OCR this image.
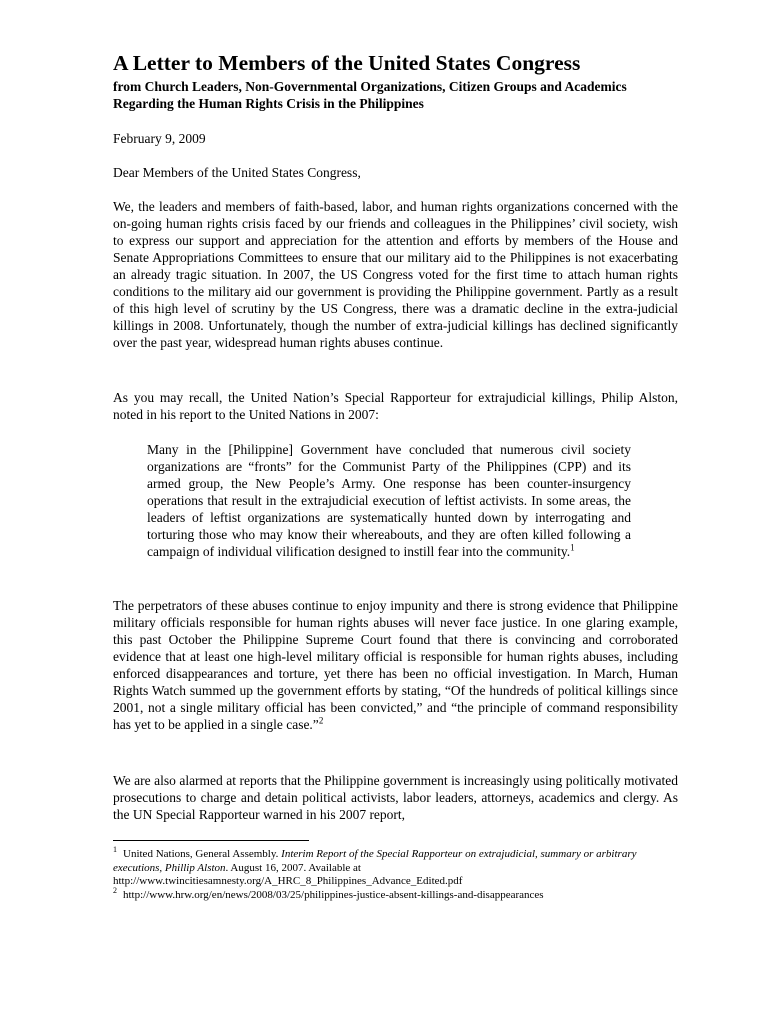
A Letter to Members of the United States Congress
from Church Leaders, Non-Governmental Organizations, Citizen Groups and Academics Regarding the Human Rights Crisis in the Philippines
February 9, 2009
Dear Members of the United States Congress,

We, the leaders and members of faith-based, labor, and human rights organizations concerned with the on-going human rights crisis faced by our friends and colleagues in the Philippines’ civil society, wish to express our support and appreciation for the attention and efforts by members of the House and Senate Appropriations Committees to ensure that our military aid to the Philippines is not exacerbating an already tragic situation. In 2007, the US Congress voted for the first time to attach human rights conditions to the military aid our government is providing the Philippine government. Partly as a result of this high level of scrutiny by the US Congress, there was a dramatic decline in the extra-judicial killings in 2008. Unfortunately, though the number of extra-judicial killings has declined significantly over the past year, widespread human rights abuses continue.

As you may recall, the United Nation’s Special Rapporteur for extrajudicial killings, Philip Alston, noted in his report to the United Nations in 2007:

Many in the [Philippine] Government have concluded that numerous civil society organizations are “fronts” for the Communist Party of the Philippines (CPP) and its armed group, the New People’s Army. One response has been counter-insurgency operations that result in the extrajudicial execution of leftist activists. In some areas, the leaders of leftist organizations are systematically hunted down by interrogating and torturing those who may know their whereabouts, and they are often killed following a campaign of individual vilification designed to instill fear into the community.$^1$

The perpetrators of these abuses continue to enjoy impunity and there is strong evidence that Philippine military officials responsible for human rights abuses will never face justice. In one glaring example, this past October the Philippine Supreme Court found that there is convincing and corroborated evidence that at least one high-level military official is responsible for human rights abuses, including enforced disappearances and torture, yet there has been no official investigation. In March, Human Rights Watch summed up the government efforts by stating, “Of the hundreds of political killings since 2001, not a single military official has been convicted,” and “the principle of command responsibility has yet to be applied in a single case.”$^2$

We are also alarmed at reports that the Philippine government is increasingly using politically motivated prosecutions to charge and detain political activists, labor leaders, attorneys, academics and clergy. As the UN Special Rapporteur warned in his 2007 report,

$^1$ United Nations, General Assembly. Interim Report of the Special Rapporteur on extrajudicial, summary or arbitrary executions, Phillip Alston. August 16, 2007. Available at http://www.twincitiesamnesty.org/A_HRC_8_Philippines_Advance_Edited.pdf

$^2$ http://www.hrw.org/en/news/2008/03/25/philippines-justice-absent-killings-and-disappearances
